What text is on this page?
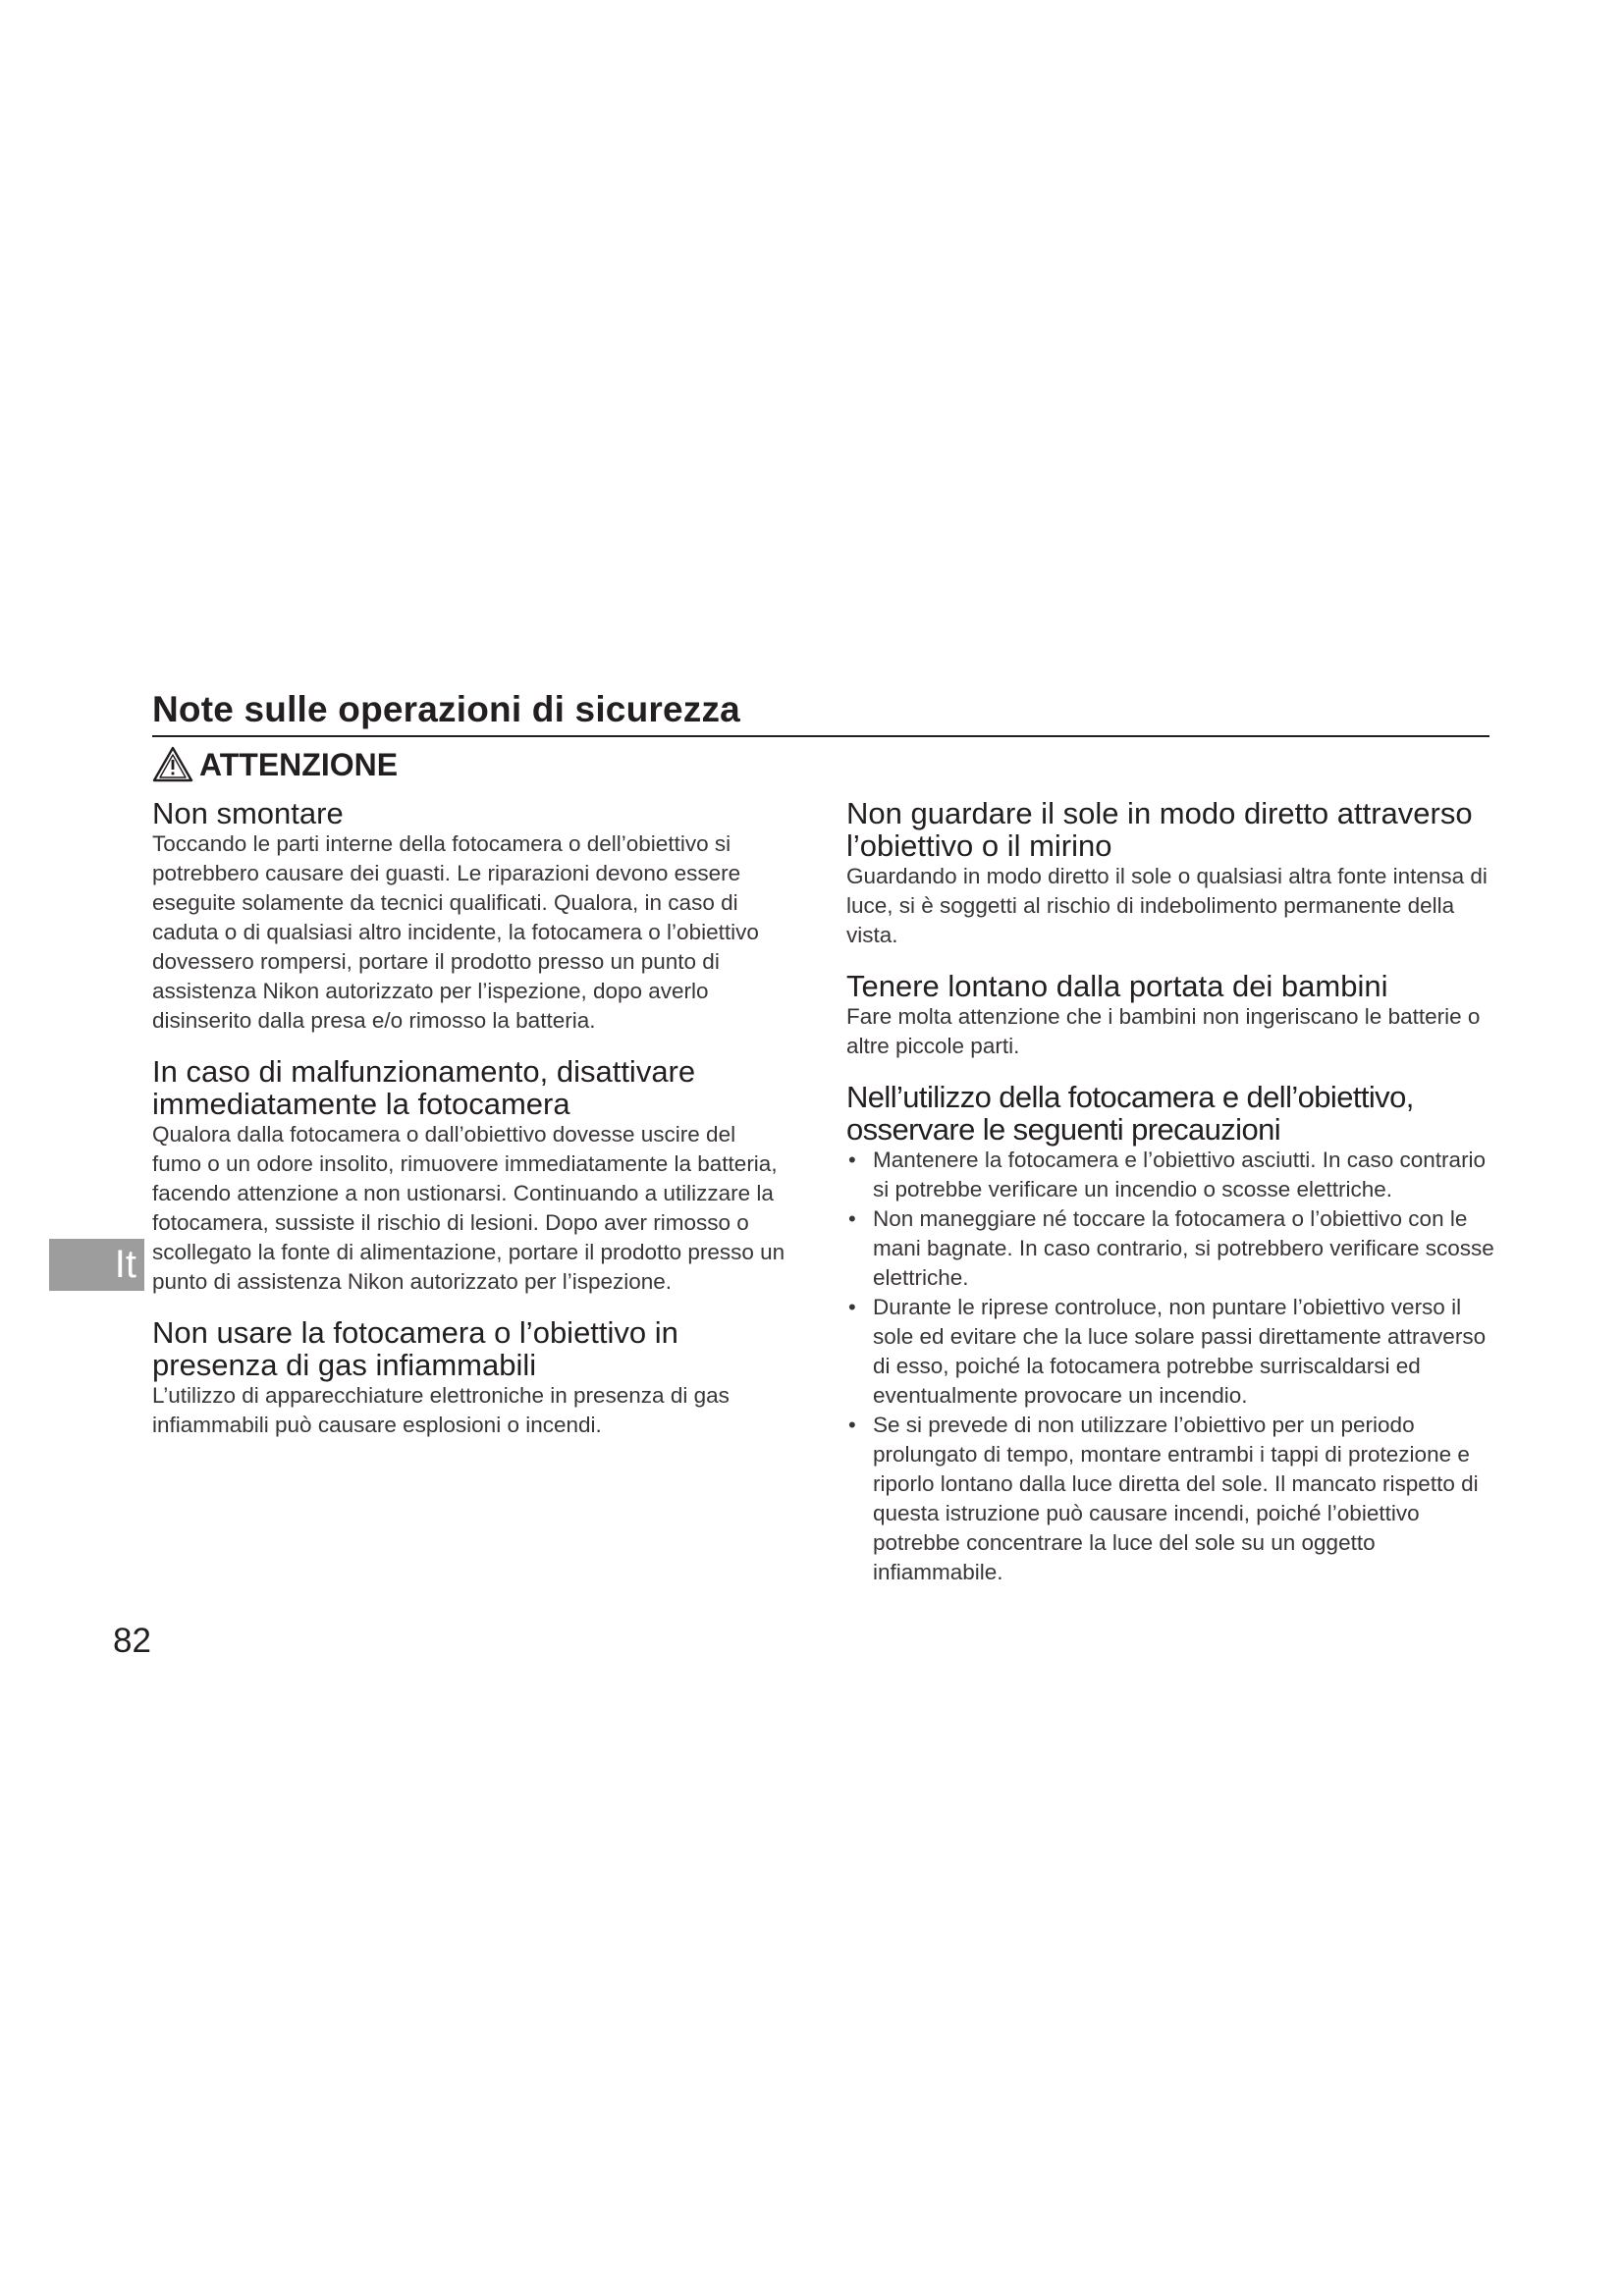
Note sulle operazioni di sicurezza
ATTENZIONE
Non smontare

Toccando le parti interne della fotocamera o dell’obiettivo si potrebbero causare dei guasti. Le riparazioni devono essere eseguite solamente da tecnici qualificati. Qualora, in caso di caduta o di qualsiasi altro incidente, la fotocamera o l’obiettivo dovessero rompersi, portare il prodotto presso un punto di assistenza Nikon autorizzato per l’ispezione, dopo averlo disinserito dalla presa e/o rimosso la batteria.

In caso di malfunzionamento, disattivare immediatamente la fotocamera

Qualora dalla fotocamera o dall’obiettivo dovesse uscire del fumo o un odore insolito, rimuovere immediatamente la batteria, facendo attenzione a non ustionarsi. Continuando a utilizzare la fotocamera, sussiste il rischio di lesioni. Dopo aver rimosso o scollegato la fonte di alimentazione, portare il prodotto presso un punto di assistenza Nikon autorizzato per l’ispezione.

Non usare la fotocamera o l’obiettivo in presenza di gas infiammabili

L’utilizzo di apparecchiature elettroniche in presenza di gas infiammabili può causare esplosioni o incendi.

Non guardare il sole in modo diretto attraverso l’obiettivo o il mirino

Guardando in modo diretto il sole o qualsiasi altra fonte intensa di luce, si è soggetti al rischio di indebolimento permanente della vista.

Tenere lontano dalla portata dei bambini

Fare molta attenzione che i bambini non ingeriscano le batterie o altre piccole parti.

Nell’utilizzo della fotocamera e dell’obiettivo, osservare le seguenti precauzioni
• Mantenere la fotocamera e l’obiettivo asciutti. In caso contrario si potrebbe verificare un incendio o scosse elettriche.
• Non maneggiare né toccare la fotocamera o l’obiettivo con le mani bagnate. In caso contrario, si potrebbero verificare scosse elettriche.
• Durante le riprese controluce, non puntare l’obiettivo verso il sole ed evitare che la luce solare passi direttamente attraverso di esso, poiché la fotocamera potrebbe surriscaldarsi ed eventualmente provocare un incendio.
• Se si prevede di non utilizzare l’obiettivo per un periodo prolungato di tempo, montare entrambi i tappi di protezione e riporlo lontano dalla luce diretta del sole. Il mancato rispetto di questa istruzione può causare incendi, poiché l’obiettivo potrebbe concentrare la luce del sole su un oggetto infiammabile.
It
82
